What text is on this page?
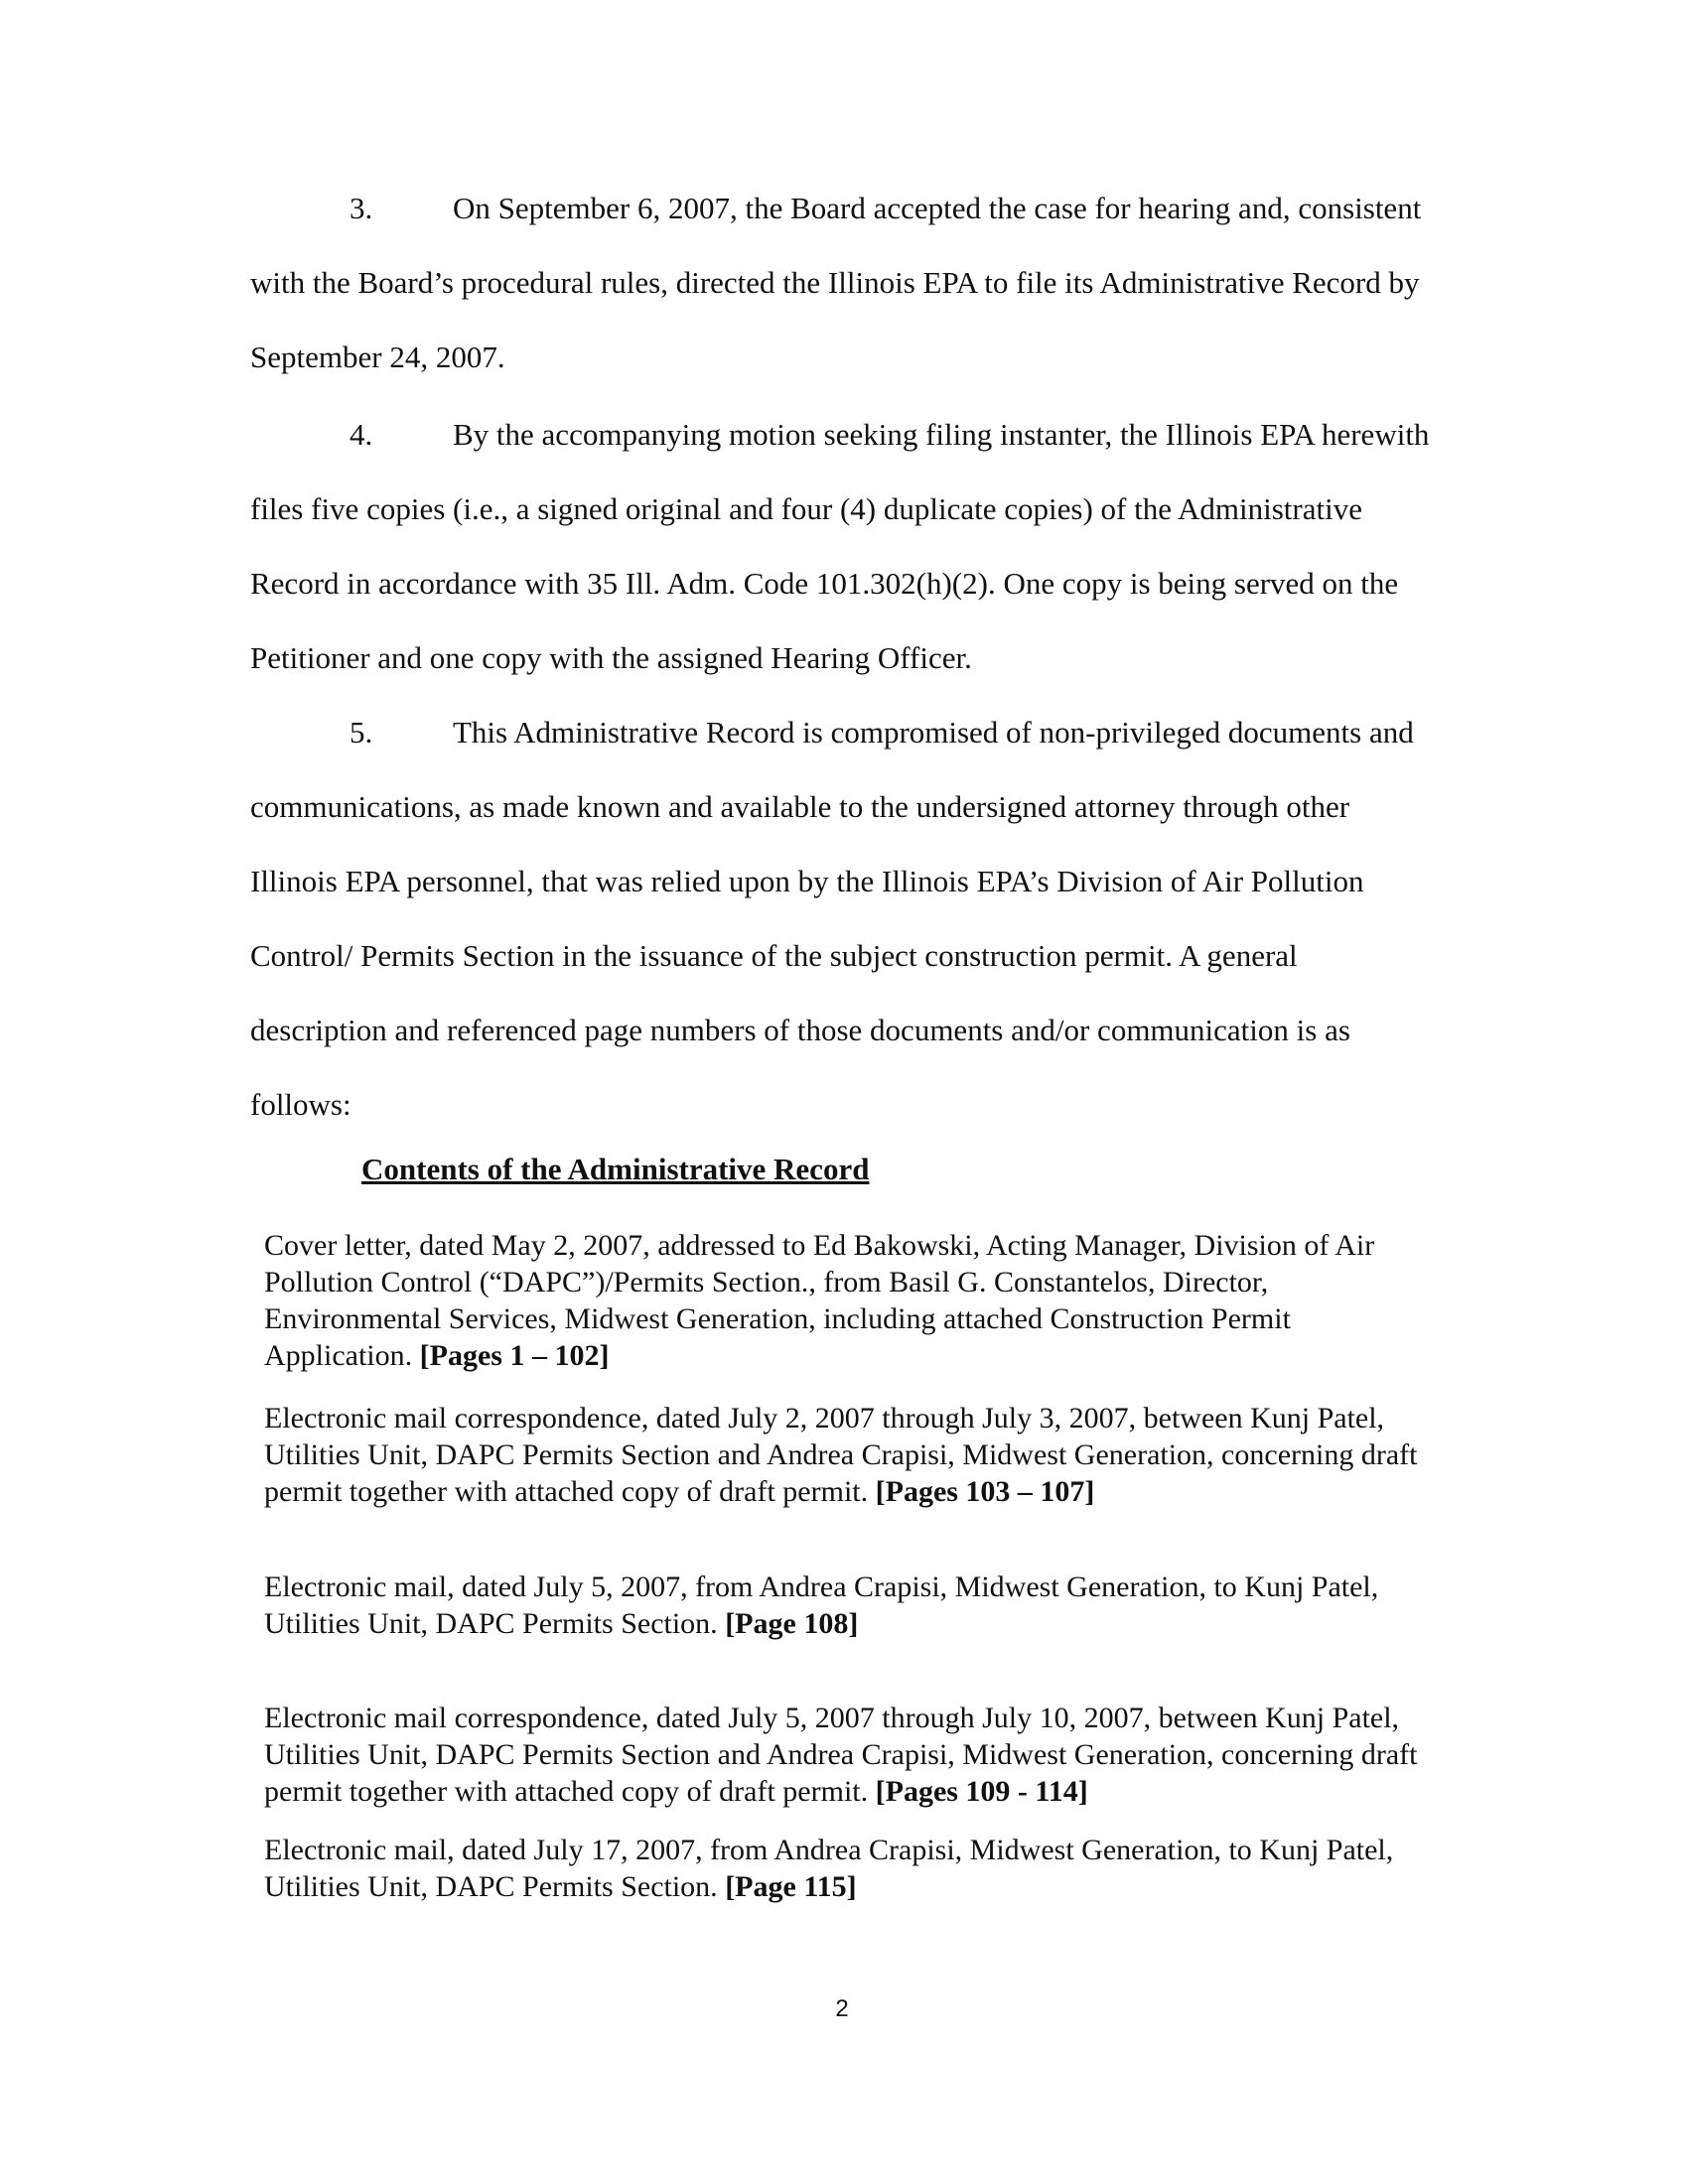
3.	On September 6, 2007, the Board accepted the case for hearing and, consistent with the Board’s procedural rules, directed the Illinois EPA to file its Administrative Record by September 24, 2007.

4.	By the accompanying motion seeking filing instanter, the Illinois EPA herewith files five copies (i.e., a signed original and four (4) duplicate copies) of the Administrative Record in accordance with 35 Ill. Adm. Code 101.302(h)(2). One copy is being served on the Petitioner and one copy with the assigned Hearing Officer.

5.	This Administrative Record is compromised of non-privileged documents and communications, as made known and available to the undersigned attorney through other Illinois EPA personnel, that was relied upon by the Illinois EPA’s Division of Air Pollution Control/ Permits Section in the issuance of the subject construction permit. A general description and referenced page numbers of those documents and/or communication is as follows:

Contents of the Administrative Record

Cover letter, dated May 2, 2007, addressed to Ed Bakowski, Acting Manager, Division of Air Pollution Control (“DAPC”)/Permits Section., from Basil G. Constantelos, Director, Environmental Services, Midwest Generation, including attached Construction Permit Application. [Pages 1 – 102]

Electronic mail correspondence, dated July 2, 2007 through July 3, 2007, between Kunj Patel, Utilities Unit, DAPC Permits Section and Andrea Crapisi, Midwest Generation, concerning draft permit together with attached copy of draft permit. [Pages 103 – 107]

Electronic mail, dated July 5, 2007, from Andrea Crapisi, Midwest Generation, to Kunj Patel, Utilities Unit, DAPC Permits Section. [Page 108]

Electronic mail correspondence, dated July 5, 2007 through July 10, 2007, between Kunj Patel, Utilities Unit, DAPC Permits Section and Andrea Crapisi, Midwest Generation, concerning draft permit together with attached copy of draft permit. [Pages 109 - 114]

Electronic mail, dated July 17, 2007, from Andrea Crapisi, Midwest Generation, to Kunj Patel, Utilities Unit, DAPC Permits Section. [Page 115]

2
